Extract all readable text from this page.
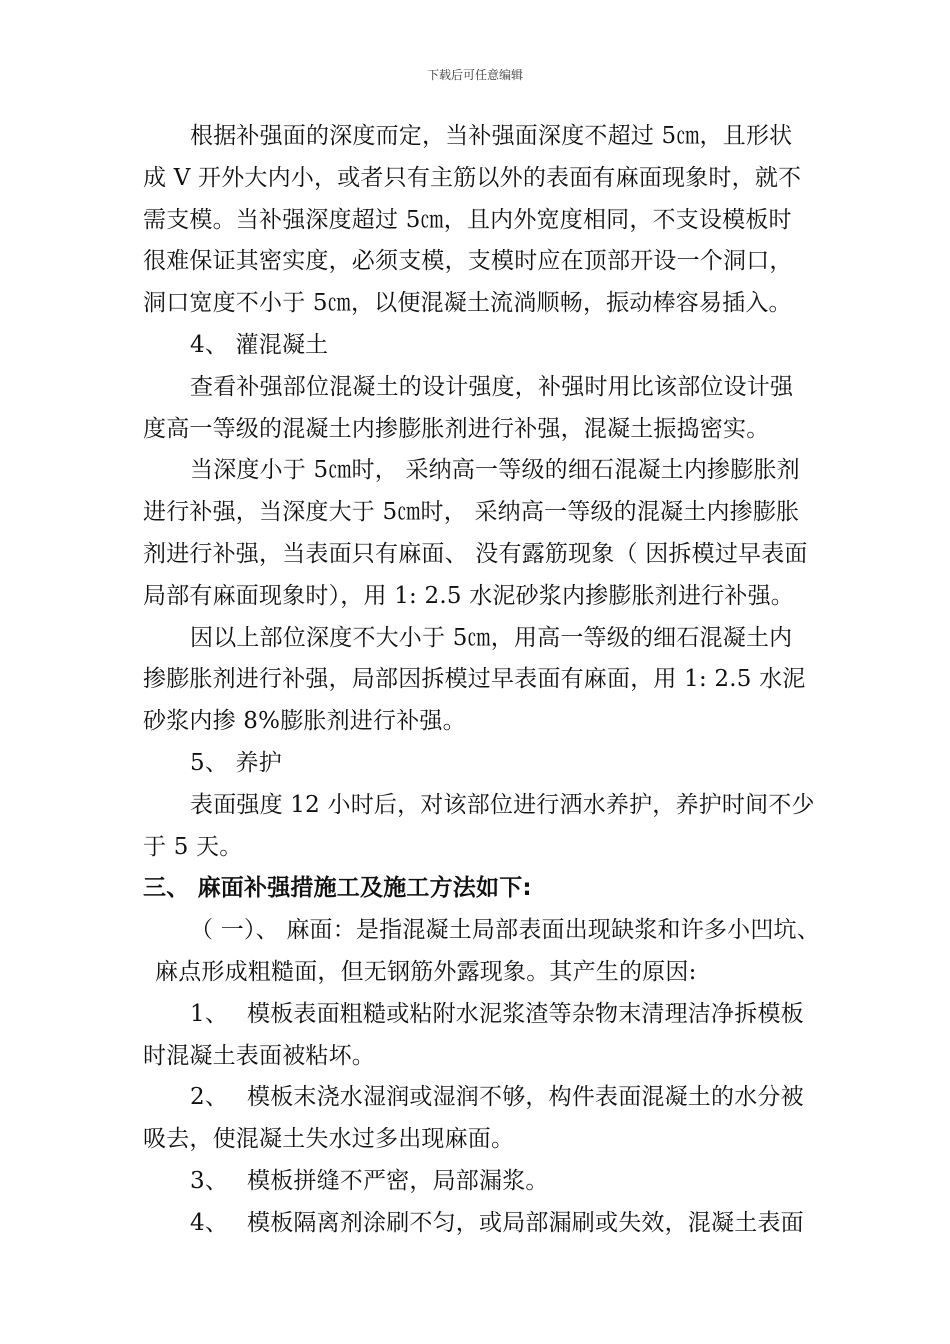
下载后可任意编辑
根据补强面的深度而定，当补强面深度不超过 5㎝，且形状
成 V 开外大内小，或者只有主筋以外的表面有麻面现象时，就不
需支模。当补强深度超过 5㎝，且内外宽度相同，不支设模板时
很难保证其密实度，必须支模，支模时应在顶部开设一个洞口，
洞口宽度不小于 5㎝，以便混凝土流淌顺畅，振动棒容易插入。
4、 灌混凝土
查看补强部位混凝土的设计强度，补强时用比该部位设计强
度高一等级的混凝土内掺膨胀剂进行补强，混凝土振捣密实。
当深度小于 5㎝时， 采纳高一等级的细石混凝土内掺膨胀剂
进行补强，当深度大于 5㎝时， 采纳高一等级的混凝土内掺膨胀
剂进行补强，当表面只有麻面、 没有露筋现象（ 因拆模过早表面
局部有麻面现象时），用 1: 2.5 水泥砂浆内掺膨胀剂进行补强。
因以上部位深度不大小于 5㎝，用高一等级的细石混凝土内
掺膨胀剂进行补强，局部因拆模过早表面有麻面，用 1: 2.5 水泥
砂浆内掺 8%膨胀剂进行补强。
5、 养护
表面强度 12 小时后，对该部位进行洒水养护，养护时间不少
于 5 天。
三、 麻面补强措施工及施工方法如下:
（ 一）、 麻面：是指混凝土局部表面出现缺浆和许多小凹坑、
麻点形成粗糙面，但无钢筋外露现象。其产生的原因:
1、 模板表面粗糙或粘附水泥浆渣等杂物末清理洁净拆模板
时混凝土表面被粘坏。
2、 模板末浇水湿润或湿润不够，构件表面混凝土的水分被
吸去，使混凝土失水过多出现麻面。
3、 模板拼缝不严密，局部漏浆。
4、 模板隔离剂涂刷不匀，或局部漏刷或失效，混凝土表面
